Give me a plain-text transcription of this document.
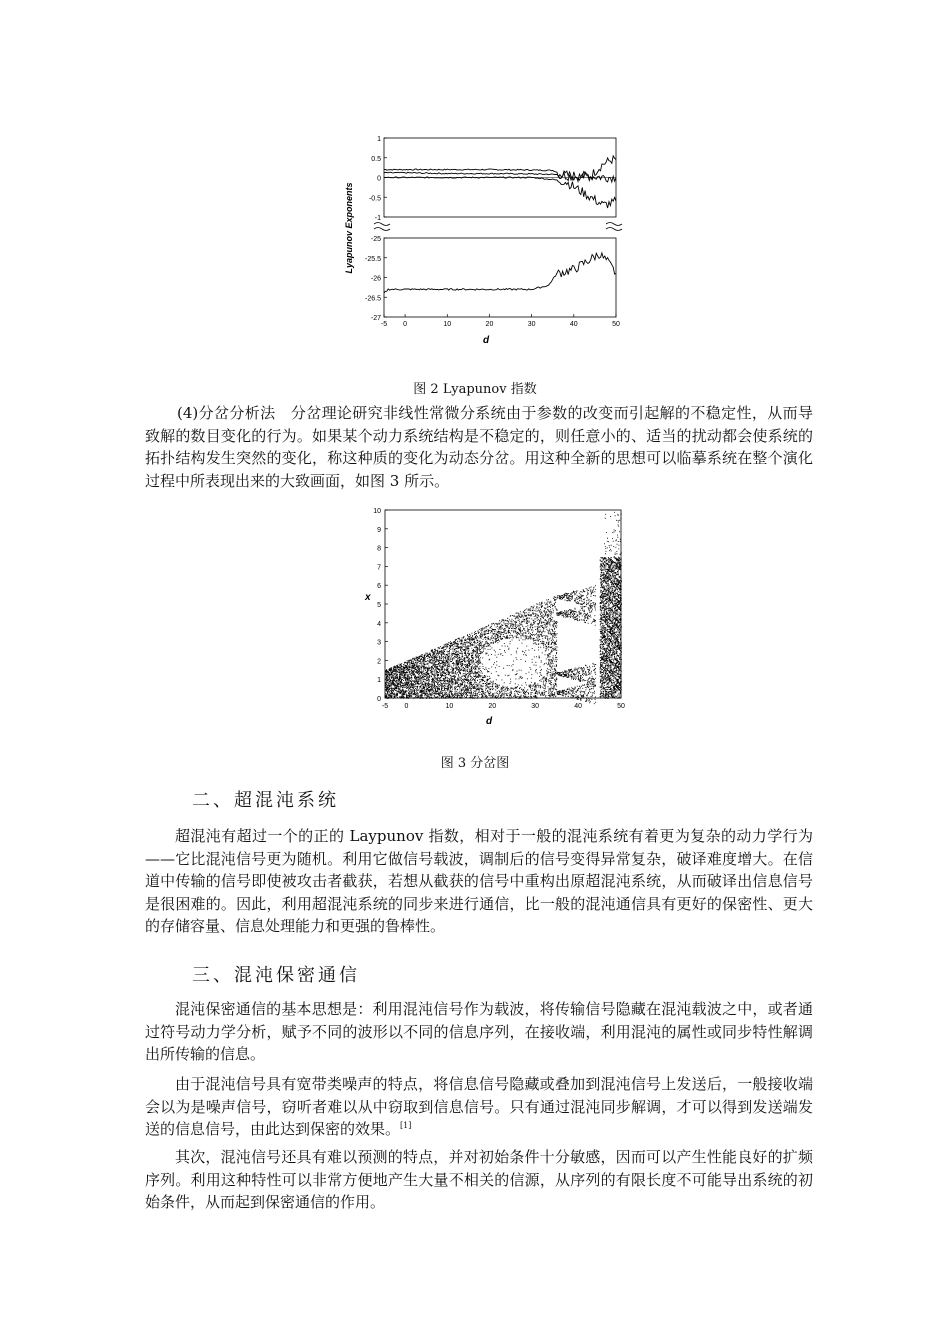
1
0.5
0
-0.5
-1
-25
-25.5
-26
-26.5
-27
-5 0	10	20	30	40	50
Lyapunov Exponents
d
图 2 Lyapunov 指数

(4)分岔分析法　分岔理论研究非线性常微分系统由于参数的改变而引起解的不稳定性，从而导致解的数目变化的行为。如果某个动力系统结构是不稳定的，则任意小的、适当的扰动都会使系统的拓扑结构发生突然的变化，称这种质的变化为动态分岔。用这种全新的思想可以临摹系统在整个演化过程中所表现出来的大致画面，如图 3 所示。

0
1
2
3
4
5
6
7
8
9
10
-5 0	10	20	30	40	50
x
d
图 3 分岔图
二、超混沌系统

超混沌有超过一个的正的 Laypunov 指数，相对于一般的混沌系统有着更为复杂的动力学行为——它比混沌信号更为随机。利用它做信号载波，调制后的信号变得异常复杂，破译难度增大。在信道中传输的信号即使被攻击者截获，若想从截获的信号中重构出原超混沌系统，从而破译出信息信号是很困难的。因此，利用超混沌系统的同步来进行通信，比一般的混沌通信具有更好的保密性、更大的存储容量、信息处理能力和更强的鲁棒性。

三、混沌保密通信

混沌保密通信的基本思想是：利用混沌信号作为载波，将传输信号隐藏在混沌载波之中，或者通过符号动力学分析，赋予不同的波形以不同的信息序列，在接收端，利用混沌的属性或同步特性解调出所传输的信息。

由于混沌信号具有宽带类噪声的特点，将信息信号隐藏或叠加到混沌信号上发送后，一般接收端会以为是噪声信号，窃听者难以从中窃取到信息信号。只有通过混沌同步解调，才可以得到发送端发送的信息信号，由此达到保密的效果。[1]

其次，混沌信号还具有难以预测的特点，并对初始条件十分敏感，因而可以产生性能良好的扩频序列。利用这种特性可以非常方便地产生大量不相关的信源，从序列的有限长度不可能导出系统的初始条件，从而起到保密通信的作用。
